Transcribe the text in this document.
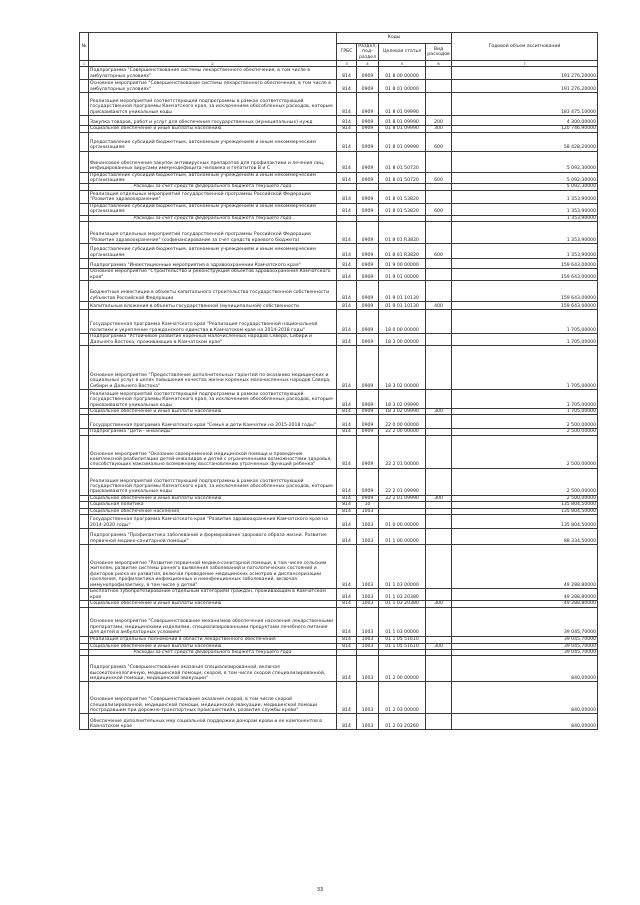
№		Коды				Годовой объем ассигнований
		ГРБС	Раздел, под-раздел	Целевая статья	Вид расходов	
1	2	3	4	5	6	7
	Подпрограмма "Совершенствование системы лекарственного обеспечения, в том числе в амбулаторных условиях"	814	0909	01 8 00 00000		191 276,20000
	Основное мероприятие "Совершенствование системы лекарственного обеспечения, в том числе в амбулаторных условиях"	814	0909	01 8 01 00000		191 276,20000
	Реализация мероприятий соответствующей подпрограммы в рамках соответствующей государственной программы Камчатского края, за исключением обособленных расходов, которым присваиваются уникальные коды	814	0909	01 8 01 09990		183 475,10000
	Закупка товаров, работ и услуг для обеспечения государственных (муниципальных) нужд	814	0909	01 8 01 09990	200	4 300,00000
	Социальное обеспечение и иные выплаты населению	814	0909	01 8 01 09990	300	120 746,90000
	Предоставление субсидий бюджетным, автономным учреждениям и иным некоммерческим организациям	814	0909	01 8 01 09990	600	58 428,20000
	Финансовое обеспечение закупок антивирусных препаратов для профилактики и лечения лиц, инфицированных вирусами иммунодефицита человека и гепатитов В и С	814	0909	01 8 01 50720		5 092,30000
	Предоставление субсидий бюджетным, автономным учреждениям и иным некоммерческим организациям	814	0909	01 8 01 50720	600	5 092,30000
	Расходы за счет средств федерального бюджета текущего года					5 092,30000
	Реализация отдельных мероприятий государственной программы Российской Федерации "Развитие здравоохранения"	814	0909	01 8 01 53820		1 353,90000
	Предоставление субсидий бюджетным, автономным учреждениям и иным некоммерческим организациям	814	0909	01 8 01 53820	600	1 353,90000
	Расходы за счет средств федерального бюджета текущего года					1 353,90000
	Реализация отдельных мероприятий государственной программы Российской Федерации "Развитие здравоохранения" (софинансирование за счет средств краевого бюджета)	814	0909	01 8 01 R3820		1 353,90000
	Предоставление субсидий бюджетным, автономным учреждениям и иным некоммерческим организациям	814	0909	01 8 01 R3820	600	1 353,90000
	Подпрограмма "Инвестиционные мероприятия в здравоохранении Камчатского края"	814	0909	01 9 00 00000		159 643,00000
	Основное мероприятие "Строительство и реконструкция объектов здравоохранения Камчатского края"	814	0909	01 9 01 00000		159 643,00000
	Бюджетные инвестиции в объекты капитального строительства государственной собственности субъектов Российской Федерации	814	0909	01 9 01 10130		159 643,00000
	Капитальные вложения в объекты государственной (муниципальной) собственности	814	0909	01 9 01 10130	400	159 643,00000
	Государственная программа Камчатского края "Реализация государственной национальной политики и укрепление гражданского единства в Камчатском крае на 2014-2018 годы"	814	0909	18 0 00 00000		1 705,00000
	Подпрограмма "Устойчивое развитие коренных малочисленных народов Севера, Сибири и Дальнего Востока, проживающих в Камчатском крае"	814	0909	18 3 00 00000		1 705,00000
	Основное мероприятие "Предоставление дополнительных гарантий по оказанию медицинских и социальных услуг в целях повышения качества жизни коренных малочисленных народов Севера, Сибири и Дальнего Востока"	814	0909	18 3 02 00000		1 705,00000
	Реализация мероприятий соответствующей подпрограммы в рамках соответствующей государственной программы Камчатского края, за исключением обособленных расходов, которым присваиваются уникальные коды	814	0909	18 3 02 09990		1 705,00000
	Социальное обеспечение и иные выплаты населению	814	0909	18 3 02 09990	300	1 705,00000
	Государственная программа Камчатского края "Семья и дети Камчатки на 2015-2018 годы"	814	0909	22 0 00 00000		2 500,00000
	Подпрограмма "Дети - инвалиды"	814	0909	22 2 00 00000		2 500,00000
	Основное мероприятие "Оказание своевременной медицинской помощи и проведение комплексной реабилитации детей-инвалидов и детей с ограниченными возможностями здоровья, способствующих максимально возможному восстановлению утраченных функций ребенка"	814	0909	22 2 01 00000		2 500,00000
	Реализация мероприятий соответствующей подпрограммы в рамках соответствующей государственной программы Камчатского края, за исключением обособленных расходов, которым присваиваются уникальные коды	814	0909	22 2 01 09990		2 500,00000
	Социальное обеспечение и иные выплаты населению	814	0909	22 2 01 09990	300	2 500,00000
	Социальная политика	814	10			135 804,50000
	Социальное обеспечение населения	814	1003			135 804,50000
	Государственная программа Камчатского края "Развитие здравоохранения Камчатского края на 2014-2020 годы"	814	1003	01 0 00 00000		135 804,50000
	Подпрограмма "Профилактика заболеваний и формирование здорового образа жизни. Развитие первичной медико-санитарной помощи"	814	1003	01 1 00 00000		88 334,50000
	Основное мероприятие "Развитие первичной медико-санитарной помощи, в том числе сельским жителям, развитие системы раннего выявления заболеваний и патологических состояний и факторов риска их развития, включая проведение медицинских осмотров и диспансеризации населения, профилактика инфекционных и неинфекционных заболеваний, включая иммунопрофилактику, в том числе у детей"	814	1003	01 1 03 00000		49 288,80000
	Бесплатное зубопротезирование отдельным категориям граждан, проживающим в Камчатском крае	814	1003	01 1 03 20380		49 288,80000
	Социальное обеспечение и иные выплаты населению	814	1003	01 1 03 20380	300	49 288,80000
	Основное мероприятие "Совершенствование механизмов обеспечения населения лекарственными препаратами, медицинскими изделиями, специализированными продуктами лечебного питания для детей в амбулаторных условиях"	814	1003	01 1 03 00000		39 045,70000
	Реализация отдельных полномочий в области лекарственного обеспечения	814	1003	01 1 05 51610		39 045,70000
	Социальное обеспечение и иные выплаты населению	814	1003	01 1 05 51610	300	39 045,70000
	Расходы за счет средств федерального бюджета текущего года					39 045,70000
	Подпрограмма "Совершенствование оказания специализированной, включая высокотехнологичную, медицинской помощи, скорой, в том числе скорой специализированной, медицинской помощи, медицинской эвакуации"	814	1003	01 2 00 00000		840,00000
	Основное мероприятие "Совершенствование оказания скорой, в том числе скорой специализированной, медицинской помощи, медицинской эвакуации, медицинской помощи пострадавшим при дорожно-транспортных происшествиях, развитие службы крови"	814	1003	01 2 03 00000		840,00000
	Обеспечение дополнительных мер социальной поддержки донорам крови и ее компонентов в Камчатском крае	814	1003	01 2 03 20260		840,00000
33
